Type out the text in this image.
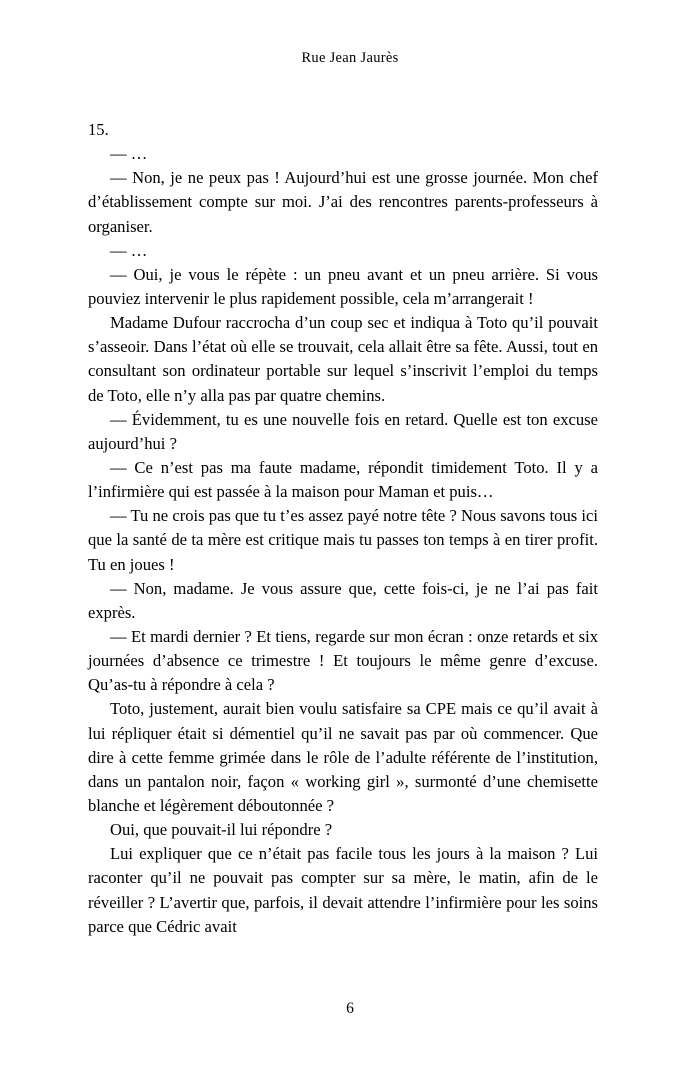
Rue Jean Jaurès

15.

— …

— Non, je ne peux pas ! Aujourd’hui est une grosse journée. Mon chef d’établissement compte sur moi. J’ai des rencontres parents-professeurs à organiser.

— …

— Oui, je vous le répète : un pneu avant et un pneu arrière. Si vous pouviez intervenir le plus rapidement possible, cela m’arrangerait !

Madame Dufour raccrocha d’un coup sec et indiqua à Toto qu’il pouvait s’asseoir. Dans l’état où elle se trouvait, cela allait être sa fête. Aussi, tout en consultant son ordinateur portable sur lequel s’inscrivit l’emploi du temps de Toto, elle n’y alla pas par quatre chemins.

— Évidemment, tu es une nouvelle fois en retard. Quelle est ton excuse aujourd’hui ?

— Ce n’est pas ma faute madame, répondit timidement Toto. Il y a l’infirmière qui est passée à la maison pour Maman et puis…

— Tu ne crois pas que tu t’es assez payé notre tête ? Nous savons tous ici que la santé de ta mère est critique mais tu passes ton temps à en tirer profit. Tu en joues !

— Non, madame. Je vous assure que, cette fois-ci, je ne l’ai pas fait exprès.

— Et mardi dernier ? Et tiens, regarde sur mon écran : onze retards et six journées d’absence ce trimestre ! Et toujours le même genre d’excuse. Qu’as-tu à répondre à cela ?

Toto, justement, aurait bien voulu satisfaire sa CPE mais ce qu’il avait à lui répliquer était si démentiel qu’il ne savait pas par où commencer. Que dire à cette femme grimée dans le rôle de l’adulte référente de l’institution, dans un pantalon noir, façon « working girl », surmonté d’une chemisette blanche et légèrement déboutonnée ?

Oui, que pouvait-il lui répondre ?

Lui expliquer que ce n’était pas facile tous les jours à la maison ? Lui raconter qu’il ne pouvait pas compter sur sa mère, le matin, afin de le réveiller ? L’avertir que, parfois, il devait attendre l’infirmière pour les soins parce que Cédric avait

6
